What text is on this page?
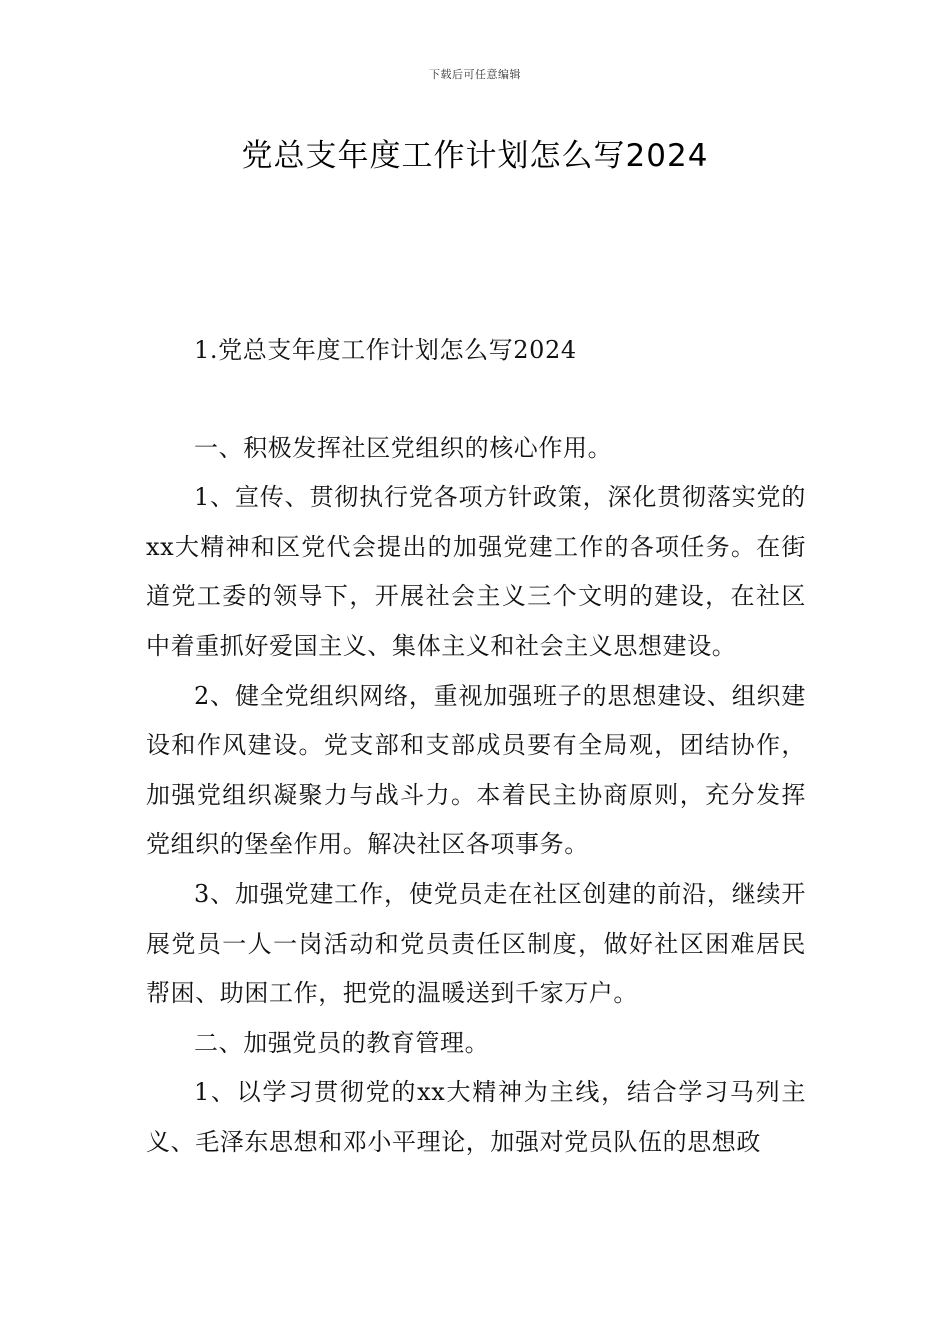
下载后可任意编辑
党总支年度工作计划怎么写2024

1.党总支年度工作计划怎么写2024

一、积极发挥社区党组织的核心作用。

1、宣传、贯彻执行党各项方针政策，深化贯彻落实党的xx大精神和区党代会提出的加强党建工作的各项任务。在街道党工委的领导下，开展社会主义三个文明的建设，在社区中着重抓好爱国主义、集体主义和社会主义思想建设。

2、健全党组织网络，重视加强班子的思想建设、组织建设和作风建设。党支部和支部成员要有全局观，团结协作，加强党组织凝聚力与战斗力。本着民主协商原则，充分发挥党组织的堡垒作用。解决社区各项事务。

3、加强党建工作，使党员走在社区创建的前沿，继续开展党员一人一岗活动和党员责任区制度，做好社区困难居民帮困、助困工作，把党的温暖送到千家万户。

二、加强党员的教育管理。

1、以学习贯彻党的xx大精神为主线，结合学习马列主义、毛泽东思想和邓小平理论，加强对党员队伍的思想政
